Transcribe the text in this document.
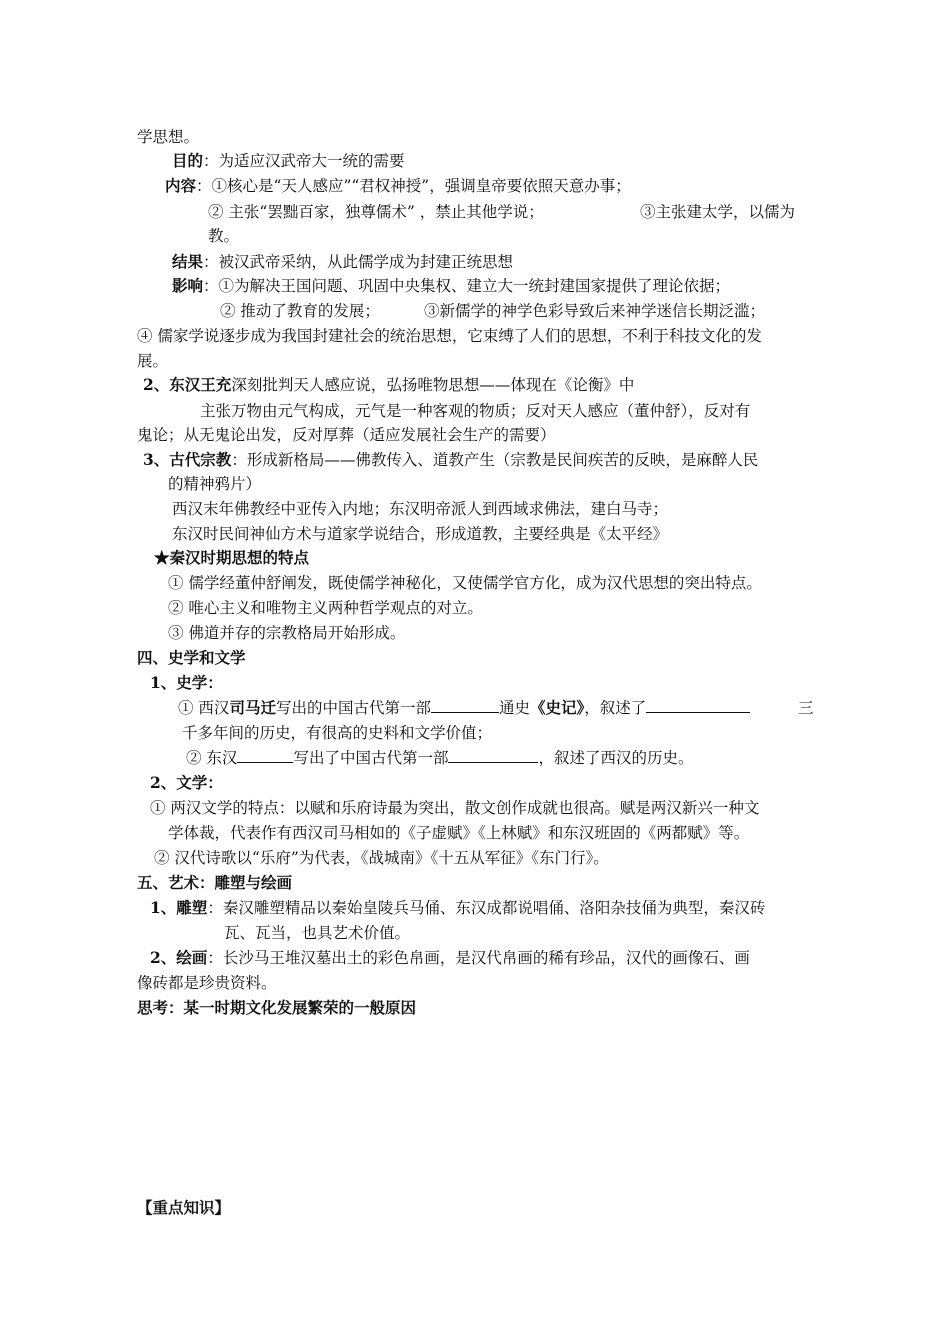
学思想。
目的：为适应汉武帝大一统的需要
内容：①核心是“天人感应”“君权神授”，强调皇帝要依照天意办事；
② 主张“罢黜百家，独尊儒术” ，禁止其他学说；	③主张建太学，以儒为
教。
结果：被汉武帝采纳，从此儒学成为封建正统思想
影响：①为解决王国问题、巩固中央集权、建立大一统封建国家提供了理论依据；
② 推动了教育的发展；	③新儒学的神学色彩导致后来神学迷信长期泛滥；
④ 儒家学说逐步成为我国封建社会的统治思想，它束缚了人们的思想，不利于科技文化的发
展。
2、东汉王充深刻批判天人感应说，弘扬唯物思想——体现在《论衡》中
主张万物由元气构成，元气是一种客观的物质；反对天人感应（董仲舒），反对有
鬼论；从无鬼论出发，反对厚葬（适应发展社会生产的需要）
3、古代宗教：形成新格局——佛教传入、道教产生（宗教是民间疾苦的反映，是麻醉人民
的精神鸦片）
西汉末年佛教经中亚传入内地；东汉明帝派人到西域求佛法，建白马寺；
东汉时民间神仙方术与道家学说结合，形成道教，主要经典是《太平经》
★秦汉时期思想的特点
① 儒学经董仲舒阐发，既使儒学神秘化，又使儒学官方化，成为汉代思想的突出特点。
② 唯心主义和唯物主义两种哲学观点的对立。
③ 佛道并存的宗教格局开始形成。
四、史学和文学
1、史学：
① 西汉司马迁写出的中国古代第一部	通史《史记》，叙述了	三
千多年间的历史，有很高的史料和文学价值；
② 东汉	写出了中国古代第一部	，叙述了西汉的历史。
2、文学：
① 两汉文学的特点：以赋和乐府诗最为突出，散文创作成就也很高。赋是两汉新兴一种文
学体裁，代表作有西汉司马相如的《子虚赋》《上林赋》和东汉班固的《两都赋》等。
② 汉代诗歌以“乐府”为代表，《战城南》《十五从军征》《东门行》。
五、艺术：雕塑与绘画
1、雕塑：秦汉雕塑精品以秦始皇陵兵马俑、东汉成都说唱俑、洛阳杂技俑为典型，秦汉砖
瓦、瓦当，也具艺术价值。
2、绘画：长沙马王堆汉墓出土的彩色帛画，是汉代帛画的稀有珍品，汉代的画像石、画
像砖都是珍贵资料。
思考：某一时期文化发展繁荣的一般原因
【重点知识】
